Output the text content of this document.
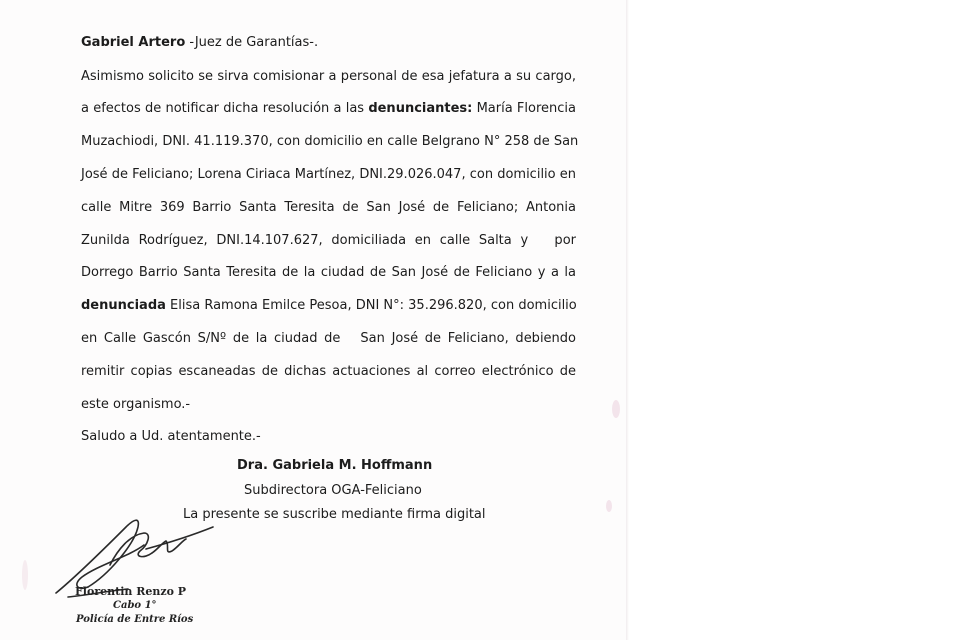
Gabriel Artero -Juez de Garantías-.
Asimismo solicito se sirva comisionar a personal de esa jefatura a su cargo,
a efectos de notificar dicha resolución a las denunciantes: María Florencia
Muzachiodi, DNI. 41.119.370, con domicilio en calle Belgrano N° 258 de San
José de Feliciano; Lorena Ciriaca Martínez, DNI.29.026.047, con domicilio en
calle Mitre 369 Barrio Santa Teresita de San José de Feliciano; Antonia
Zunilda Rodríguez, DNI.14.107.627, domiciliada en calle Salta y   por
Dorrego Barrio Santa Teresita de la ciudad de San José de Feliciano y a la
denunciada Elisa Ramona Emilce Pesoa, DNI N°: 35.296.820, con domicilio
en Calle Gascón S/Nº de la ciudad de   San José de Feliciano, debiendo
remitir copias escaneadas de dichas actuaciones al correo electrónico de
este organismo.-
Saludo a Ud. atentamente.-
Dra. Gabriela M. Hoffmann
Subdirectora OGA-Feliciano
La presente se suscribe mediante firma digital
Florentin Renzo P
Cabo 1°
Policía de Entre Ríos
